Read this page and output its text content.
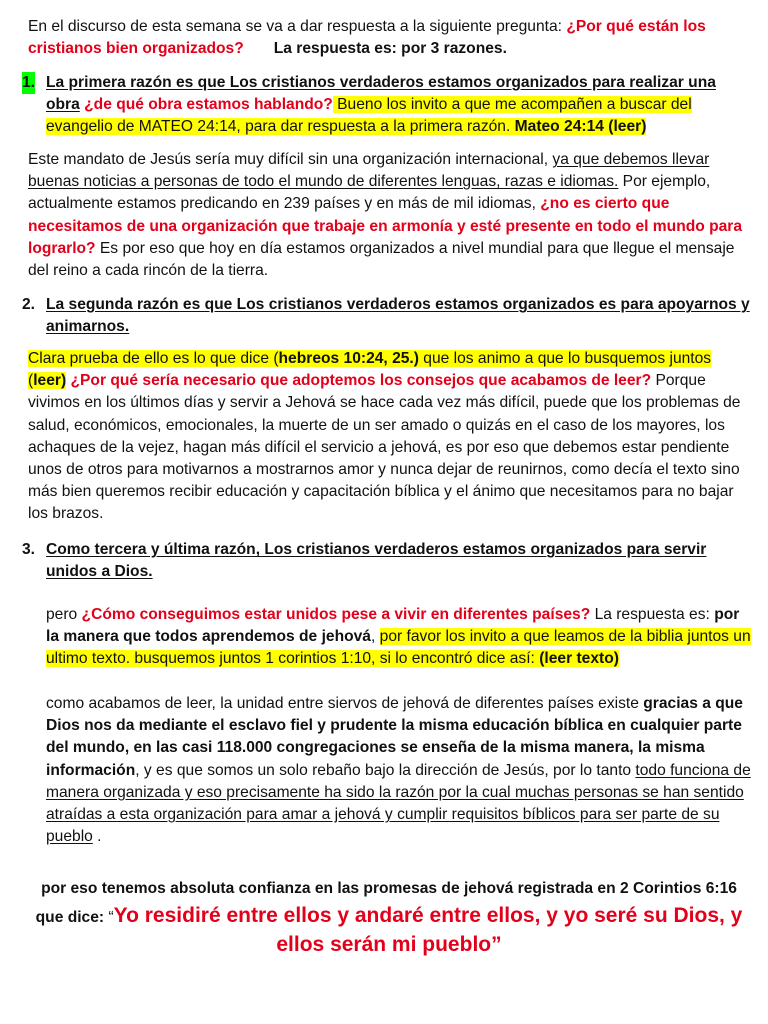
En el discurso de esta semana se va a dar respuesta a la siguiente pregunta: ¿Por qué están los cristianos bien organizados? La respuesta es: por 3 razones.

1. La primera razón es que Los cristianos verdaderos estamos organizados para realizar una obra ¿de qué obra estamos hablando? Bueno los invito a que me acompañen a buscar del evangelio de MATEO 24:14, para dar respuesta a la primera razón. Mateo 24:14 (leer)

Este mandato de Jesús sería muy difícil sin una organización internacional, ya que debemos llevar buenas noticias a personas de todo el mundo de diferentes lenguas, razas e idiomas. Por ejemplo, actualmente estamos predicando en 239 países y en más de mil idiomas, ¿no es cierto que necesitamos de una organización que trabaje en armonía y esté presente en todo el mundo para lograrlo? Es por eso que hoy en día estamos organizados a nivel mundial para que llegue el mensaje del reino a cada rincón de la tierra.

2. La segunda razón es que Los cristianos verdaderos estamos organizados es para apoyarnos y animarnos.

Clara prueba de ello es lo que dice (hebreos 10:24, 25.) que los animo a que lo busquemos juntos (leer) ¿Por qué sería necesario que adoptemos los consejos que acabamos de leer? Porque vivimos en los últimos días y servir a Jehová se hace cada vez más difícil, puede que los problemas de salud, económicos, emocionales, la muerte de un ser amado o quizás en el caso de los mayores, los achaques de la vejez, hagan más difícil el servicio a jehová, es por eso que debemos estar pendiente unos de otros para motivarnos a mostrarnos amor y nunca dejar de reunirnos, como decía el texto sino más bien queremos recibir educación y capacitación bíblica y el ánimo que necesitamos para no bajar los brazos.

3. Como tercera y última razón, Los cristianos verdaderos estamos organizados para servir unidos a Dios.

pero ¿Cómo conseguimos estar unidos pese a vivir en diferentes países? La respuesta es: por la manera que todos aprendemos de jehová, por favor los invito a que leamos de la biblia juntos un ultimo texto. busquemos juntos 1 corintios 1:10, si lo encontró dice así: (leer texto)

como acabamos de leer, la unidad entre siervos de jehová de diferentes países existe gracias a que Dios nos da mediante el esclavo fiel y prudente la misma educación bíblica en cualquier parte del mundo, en las casi 118.000 congregaciones se enseña de la misma manera, la misma información, y es que somos un solo rebaño bajo la dirección de Jesús, por lo tanto todo funciona de manera organizada y eso precisamente ha sido la razón por la cual muchas personas se han sentido atraídas a esta organización para amar a jehová y cumplir requisitos bíblicos para ser parte de su pueblo .

por eso tenemos absoluta confianza en las promesas de jehová registrada en 2 Corintios 6:16 que dice: “Yo residiré entre ellos y andaré entre ellos, y yo seré su Dios, y ellos serán mi pueblo”
